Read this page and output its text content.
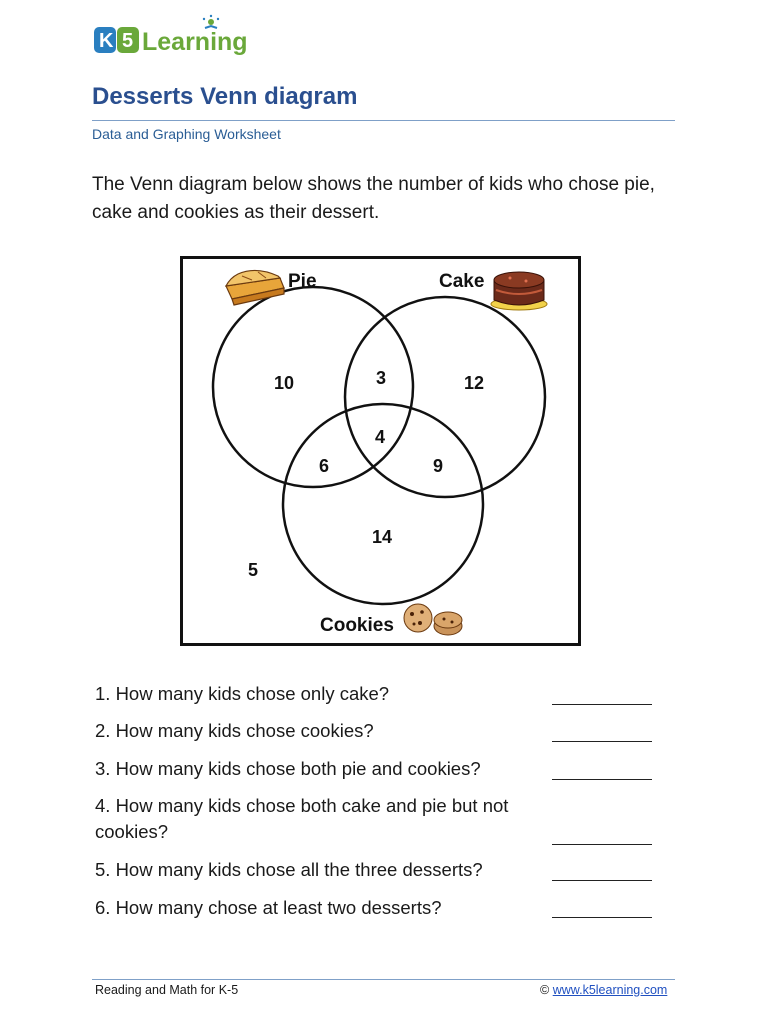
K 5 Learning
Desserts Venn diagram
Data and Graphing Worksheet
The Venn diagram below shows the number of kids who chose pie, cake and cookies as their dessert.
Pie	Cake
10	3	12
4
6	9
14
5
Cookies
1. How many kids chose only cake?
2. How many kids chose cookies?
3. How many kids chose both pie and cookies?
4. How many kids chose both cake and pie but not
cookies?
5. How many kids chose all the three desserts?
6. How many chose at least two desserts?
Reading and Math for K-5	© www.k5learning.com
